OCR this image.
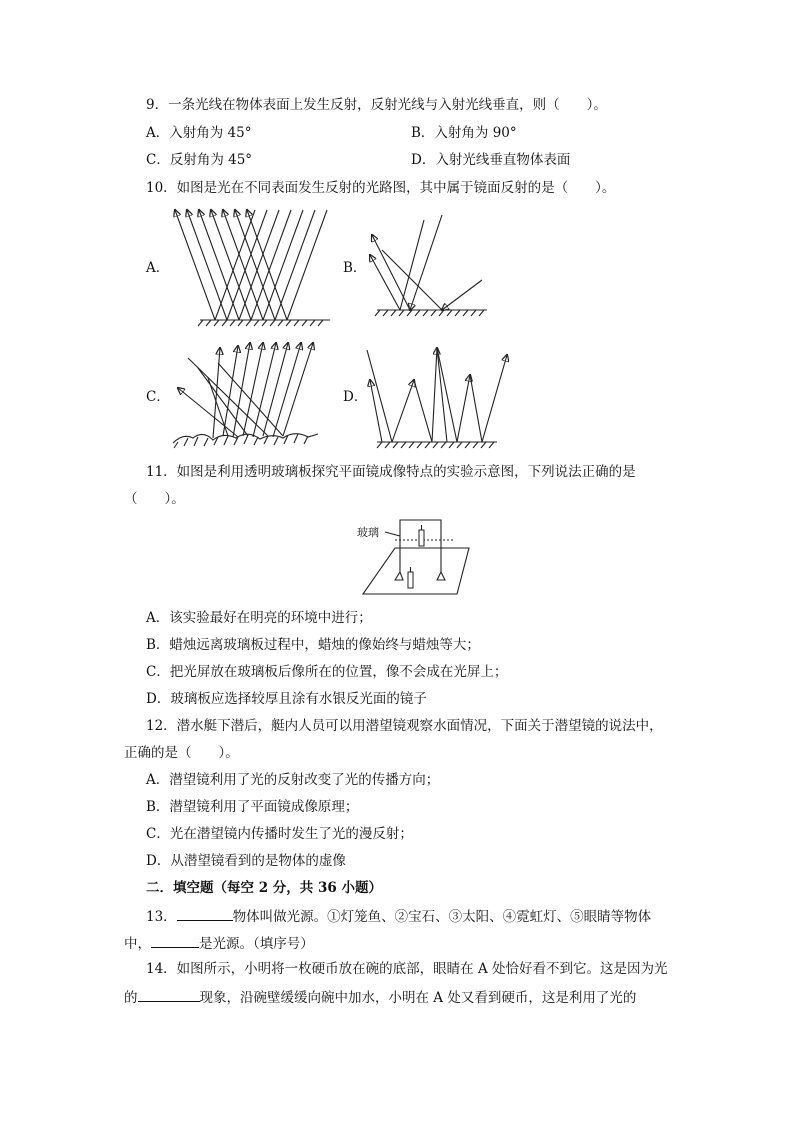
9．一条光线在物体表面上发生反射，反射光线与入射光线垂直，则（　　）。
A．入射角为 45°	B．入射角为 90°
C．反射角为 45°	D．入射光线垂直物体表面
10．如图是光在不同表面发生反射的光路图，其中属于镜面反射的是（　　）。
A．	B．
C．	D．
11．如图是利用透明玻璃板探究平面镜成像特点的实验示意图，下列说法正确的是
（　　）。
玻璃
A．该实验最好在明亮的环境中进行；
B．蜡烛远离玻璃板过程中，蜡烛的像始终与蜡烛等大；
C．把光屏放在玻璃板后像所在的位置，像不会成在光屏上；
D．玻璃板应选择较厚且涂有水银反光面的镜子
12．潜水艇下潜后，艇内人员可以用潜望镜观察水面情况，下面关于潜望镜的说法中，
正确的是（　　）。
A．潜望镜利用了光的反射改变了光的传播方向；
B．潜望镜利用了平面镜成像原理；
C．光在潜望镜内传播时发生了光的漫反射；
D．从潜望镜看到的是物体的虚像
二．填空题（每空 2 分，共 36 小题）
13．	物体叫做光源。①灯笼鱼、②宝石、③太阳、④霓虹灯、⑤眼睛等物体
中，	是光源。（填序号）
14．如图所示，小明将一枚硬币放在碗的底部，眼睛在 A 处恰好看不到它。这是因为光
的	现象，沿碗壁缓缓向碗中加水，小明在 A 处又看到硬币，这是利用了光的
